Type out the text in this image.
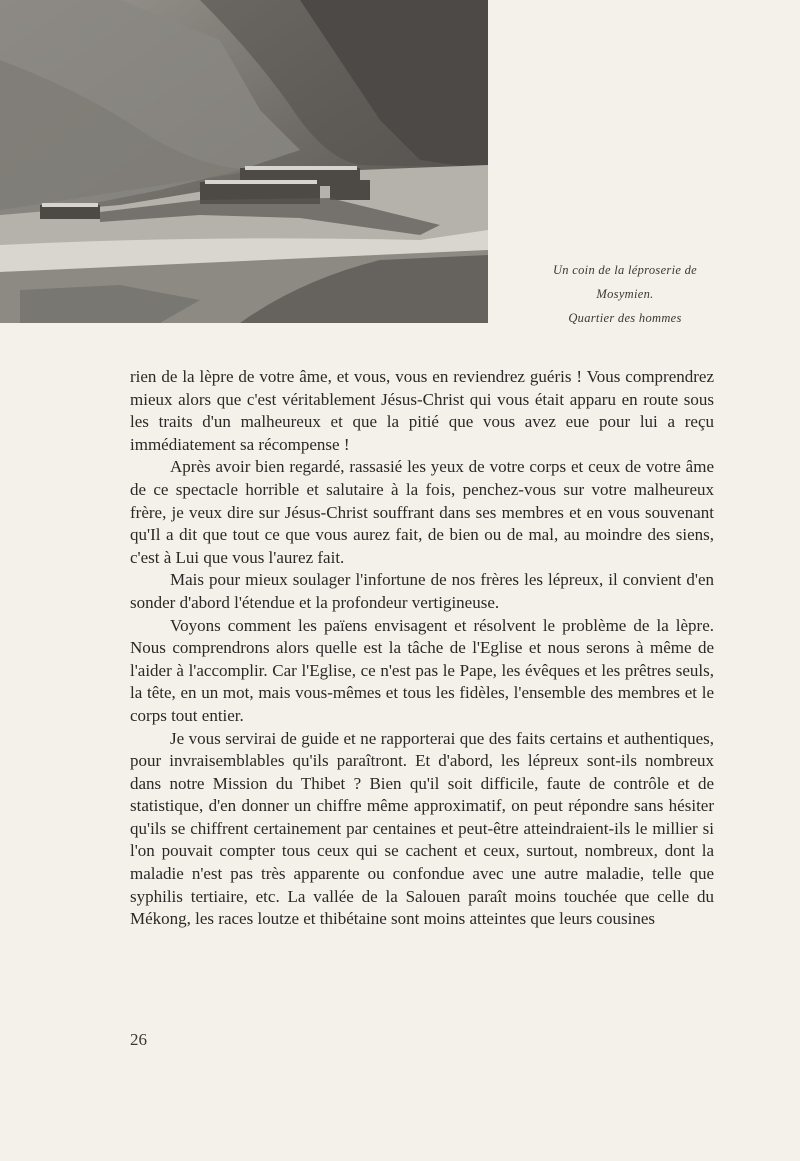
Un coin de la léproserie de
Mosymien.
Quartier des hommes

rien de la lèpre de votre âme, et vous, vous en reviendrez guéris ! Vous comprendrez mieux alors que c'est véritablement Jésus-Christ qui vous était apparu en route sous les traits d'un malheureux et que la pitié que vous avez eue pour lui a reçu immédiatement sa récompense !

Après avoir bien regardé, rassasié les yeux de votre corps et ceux de votre âme de ce spectacle horrible et salutaire à la fois, penchez-vous sur votre malheureux frère, je veux dire sur Jésus-Christ souffrant dans ses membres et en vous souvenant qu'Il a dit que tout ce que vous aurez fait, de bien ou de mal, au moindre des siens, c'est à Lui que vous l'aurez fait.

Mais pour mieux soulager l'infortune de nos frères les lépreux, il convient d'en sonder d'abord l'étendue et la profondeur vertigineuse.

Voyons comment les païens envisagent et résolvent le problème de la lèpre. Nous comprendrons alors quelle est la tâche de l'Eglise et nous serons à même de l'aider à l'accomplir. Car l'Eglise, ce n'est pas le Pape, les évêques et les prêtres seuls, la tête, en un mot, mais vous-mêmes et tous les fidèles, l'ensemble des membres et le corps tout entier.

Je vous servirai de guide et ne rapporterai que des faits certains et authentiques, pour invraisemblables qu'ils paraîtront. Et d'abord, les lépreux sont-ils nombreux dans notre Mission du Thibet ? Bien qu'il soit difficile, faute de contrôle et de statistique, d'en donner un chiffre même approximatif, on peut répondre sans hésiter qu'ils se chiffrent certainement par centaines et peut-être atteindraient-ils le millier si l'on pouvait compter tous ceux qui se cachent et ceux, surtout, nombreux, dont la maladie n'est pas très apparente ou confondue avec une autre maladie, telle que syphilis tertiaire, etc. La vallée de la Salouen paraît moins touchée que celle du Mékong, les races loutze et thibétaine sont moins atteintes que leurs cousines

26
